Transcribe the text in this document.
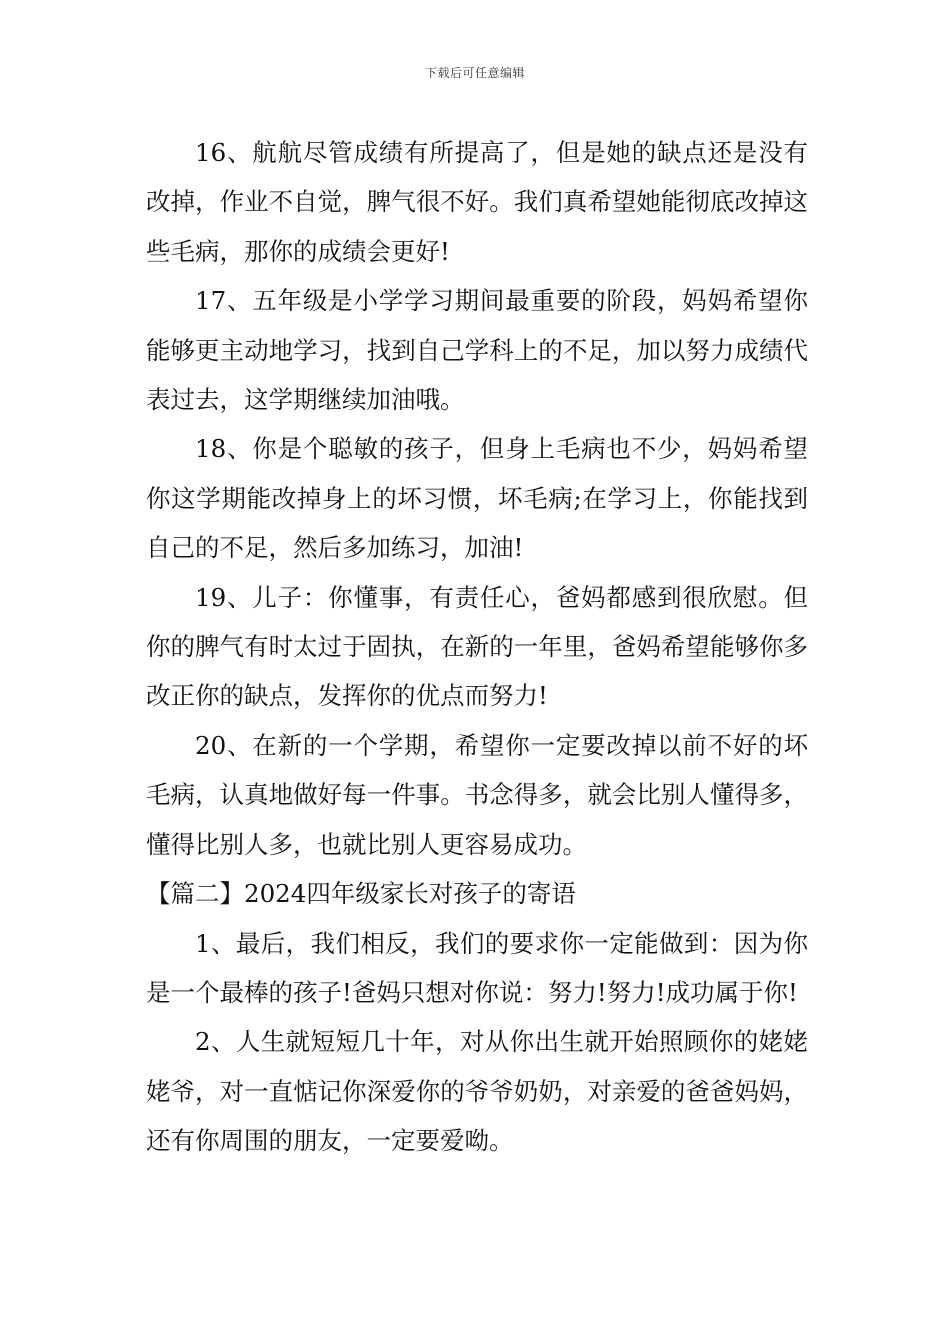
下载后可任意编辑

16、航航尽管成绩有所提高了，但是她的缺点还是没有改掉，作业不自觉，脾气很不好。我们真希望她能彻底改掉这些毛病，那你的成绩会更好!

17、五年级是小学学习期间最重要的阶段，妈妈希望你能够更主动地学习，找到自己学科上的不足，加以努力成绩代表过去，这学期继续加油哦。

18、你是个聪敏的孩子，但身上毛病也不少，妈妈希望你这学期能改掉身上的坏习惯，坏毛病;在学习上，你能找到自己的不足，然后多加练习，加油!

19、儿子：你懂事，有责任心，爸妈都感到很欣慰。但你的脾气有时太过于固执，在新的一年里，爸妈希望能够你多改正你的缺点，发挥你的优点而努力!

20、在新的一个学期，希望你一定要改掉以前不好的坏毛病，认真地做好每一件事。书念得多，就会比别人懂得多，懂得比别人多，也就比别人更容易成功。

【篇二】2024四年级家长对孩子的寄语

1、最后，我们相反，我们的要求你一定能做到：因为你是一个最棒的孩子!爸妈只想对你说：努力!努力!成功属于你!

2、人生就短短几十年，对从你出生就开始照顾你的姥姥姥爷，对一直惦记你深爱你的爷爷奶奶，对亲爱的爸爸妈妈，还有你周围的朋友，一定要爱呦。
